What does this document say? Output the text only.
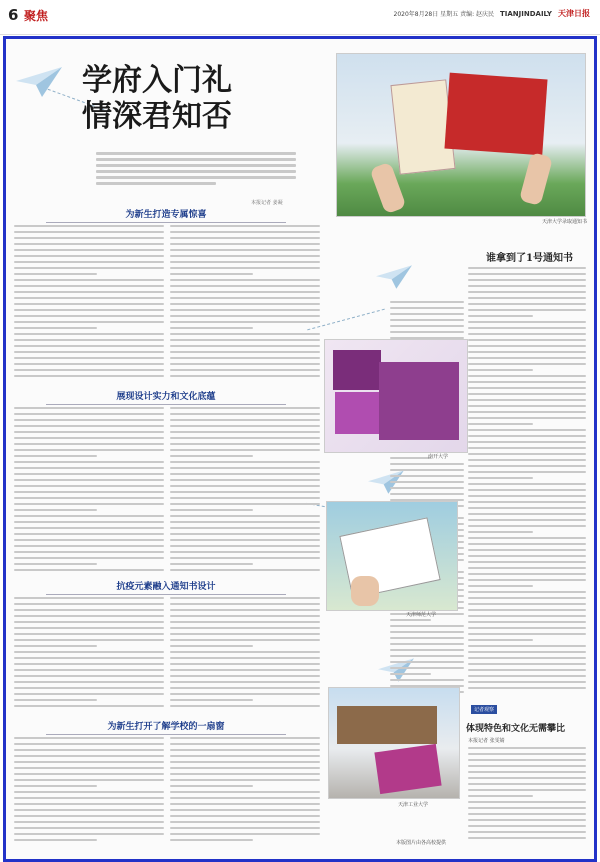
6 聚焦	2020年8月28日 星期五 责编: 赵庆民 TIANJINDAILY 天津日报
学府入门礼
情深君知否
本报记者 姜凝
为新生打造专属惊喜
展现设计实力和文化底蕴
抗疫元素融入通知书设计
为新生打开了解学校的一扇窗
天津大学录取通知书
谁拿到了1号通知书
南开大学
天津师范大学
记者观察
体现特色和文化无需攀比
本报记者 张雯婧
天津工业大学
本版图片由各高校提供
